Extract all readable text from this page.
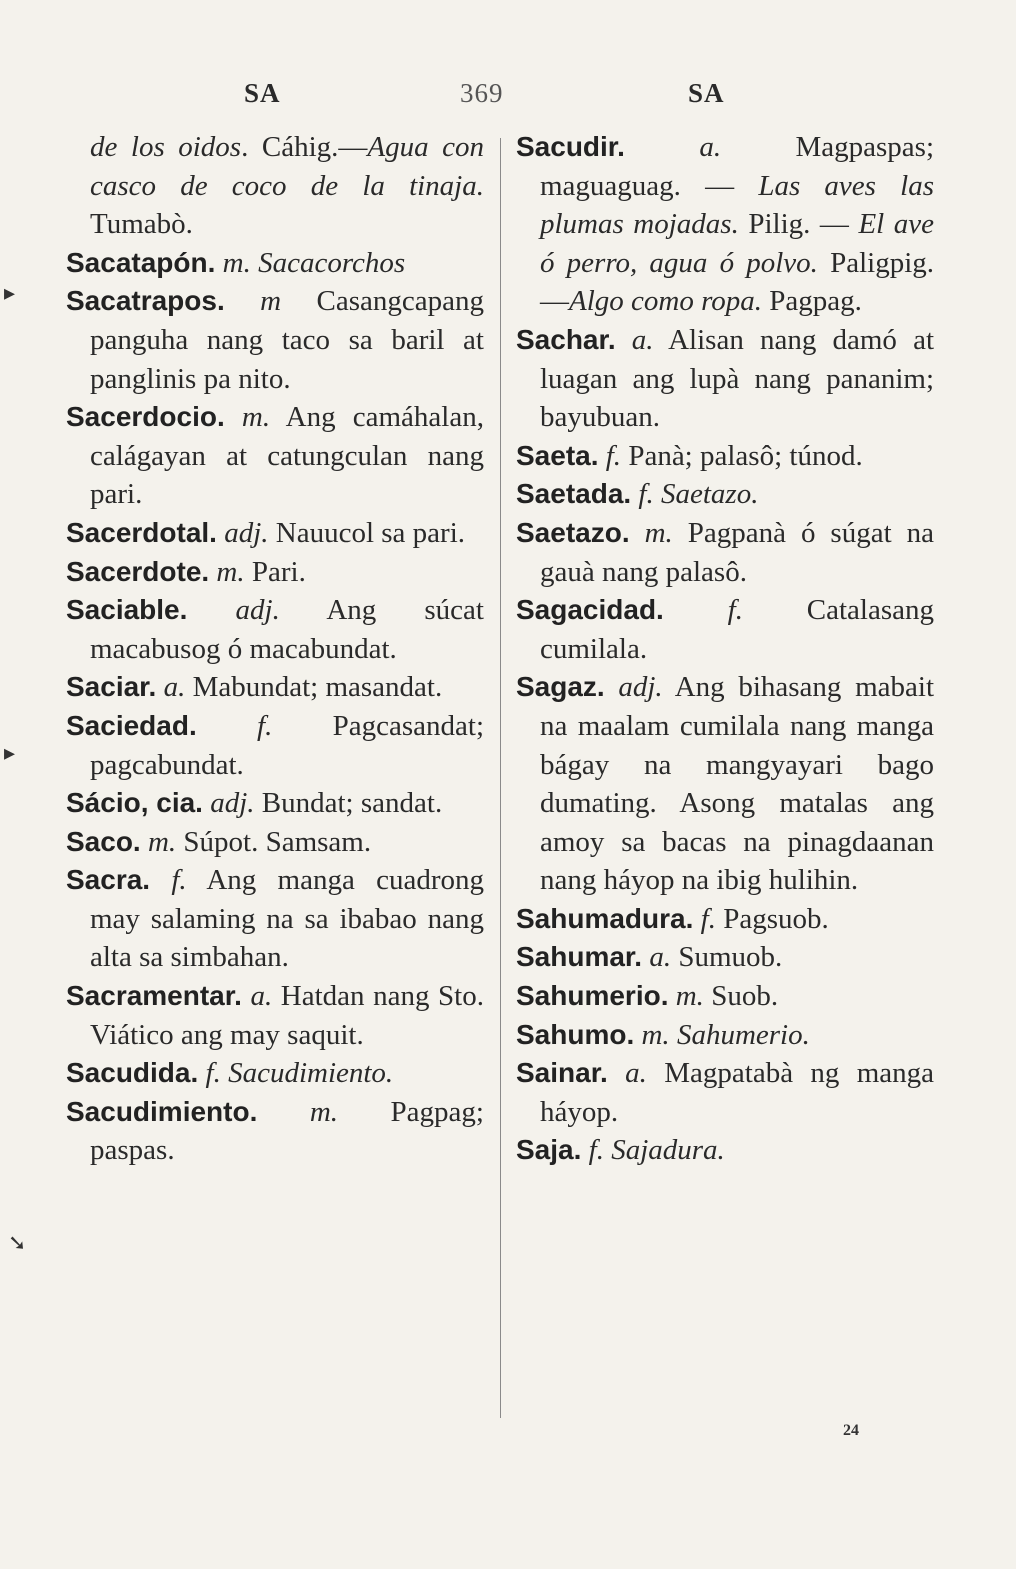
SA	369	SA

de los oidos. Cáhig.—Agua con casco de coco de la tinaja. Tumabò.

Sacatapón. m. Sacacorchos

Sacatrapos. m Casangcapang panguha nang taco sa baril at panglinis pa nito.

Sacerdocio. m. Ang camáhalan, calágayan at catungculan nang pari.

Sacerdotal. adj. Nauucol sa pari.

Sacerdote. m. Pari.

Saciable. adj. Ang súcat macabusog ó macabundat.

Saciar. a. Mabundat; masandat.

Saciedad. f. Pagcasandat; pagcabundat.

Sácio, cia. adj. Bundat; sandat.

Saco. m. Súpot. Samsam.

Sacra. f. Ang manga cuadrong may salaming na sa ibabao nang alta sa simbahan.

Sacramentar. a. Hatdan nang Sto. Viático ang may saquit.

Sacudida. f. Sacudimiento.

Sacudimiento. m. Pagpag; paspas.

Sacudir. a. Magpaspas; maguaguag. — Las aves las plumas mojadas. Pilig. — El ave ó perro, agua ó polvo. Paligpig. —Algo como ropa. Pagpag.

Sachar. a. Alisan nang damó at luagan ang lupà nang pananim; bayubuan.

Saeta. f. Panà; palasô; túnod.

Saetada. f. Saetazo.

Saetazo. m. Pagpanà ó súgat na gauà nang palasô.

Sagacidad. f. Catalasang cumilala.

Sagaz. adj. Ang bihasang mabait na maalam cumilala nang manga bágay na mangyayari bago dumating. Asong matalas ang amoy sa bacas na pinagdaanan nang háyop na ibig hulihin.

Sahumadura. f. Pagsuob.

Sahumar. a. Sumuob.

Sahumerio. m. Suob.

Sahumo. m. Sahumerio.

Sainar. a. Magpatabà ng manga háyop.

Saja. f. Sajadura.

24
▸
▸
➘
